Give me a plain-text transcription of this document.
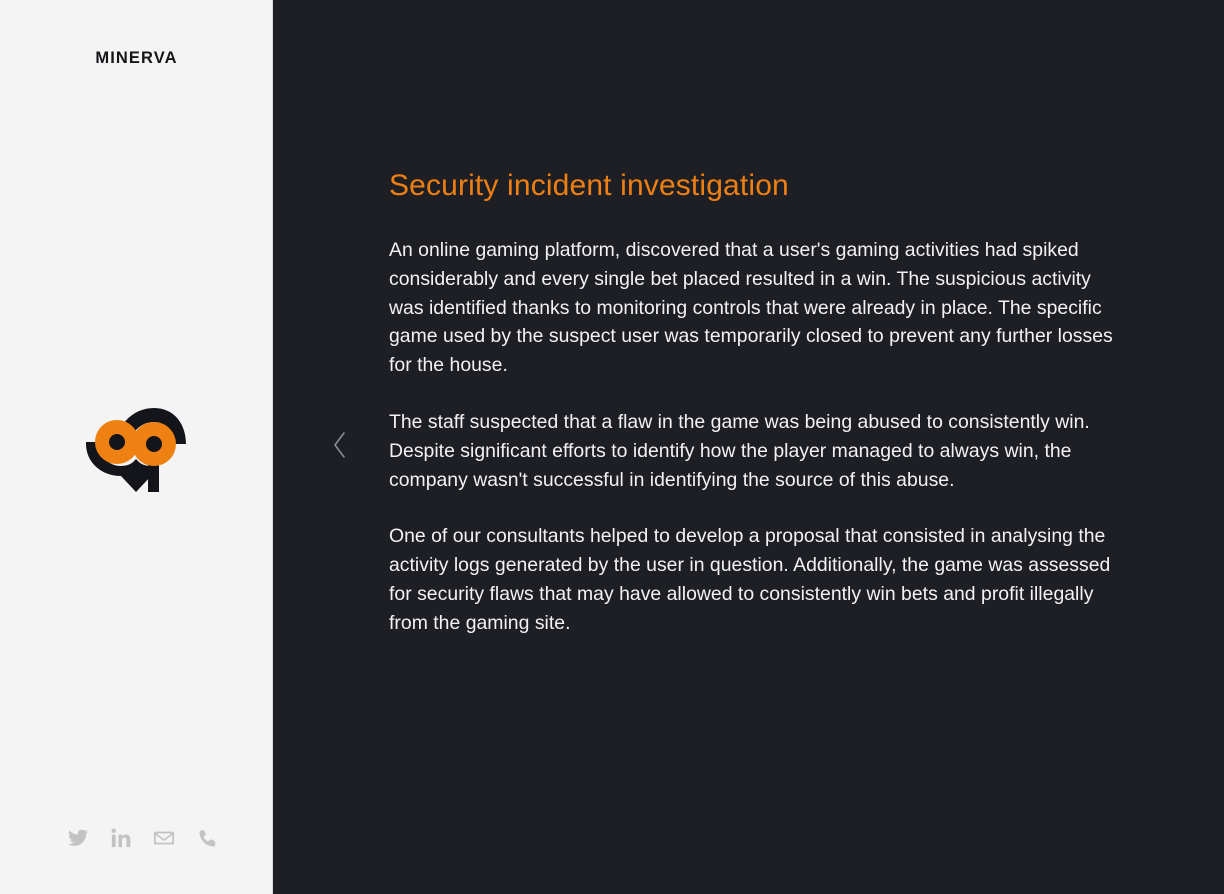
MINERVA
Security incident investigation

An online gaming platform, discovered that a user's gaming activities had spiked considerably and every single bet placed resulted in a win. The suspicious activity was identified thanks to monitoring controls that were already in place. The specific game used by the suspect user was temporarily closed to prevent any further losses for the house.

The staff suspected that a flaw in the game was being abused to consistently win. Despite significant efforts to identify how the player managed to always win, the company wasn't successful in identifying the source of this abuse.

One of our consultants helped to develop a proposal that consisted in analysing the activity logs generated by the user in question. Additionally, the game was assessed for security flaws that may have allowed to consistently win bets and profit illegally from the gaming site.
